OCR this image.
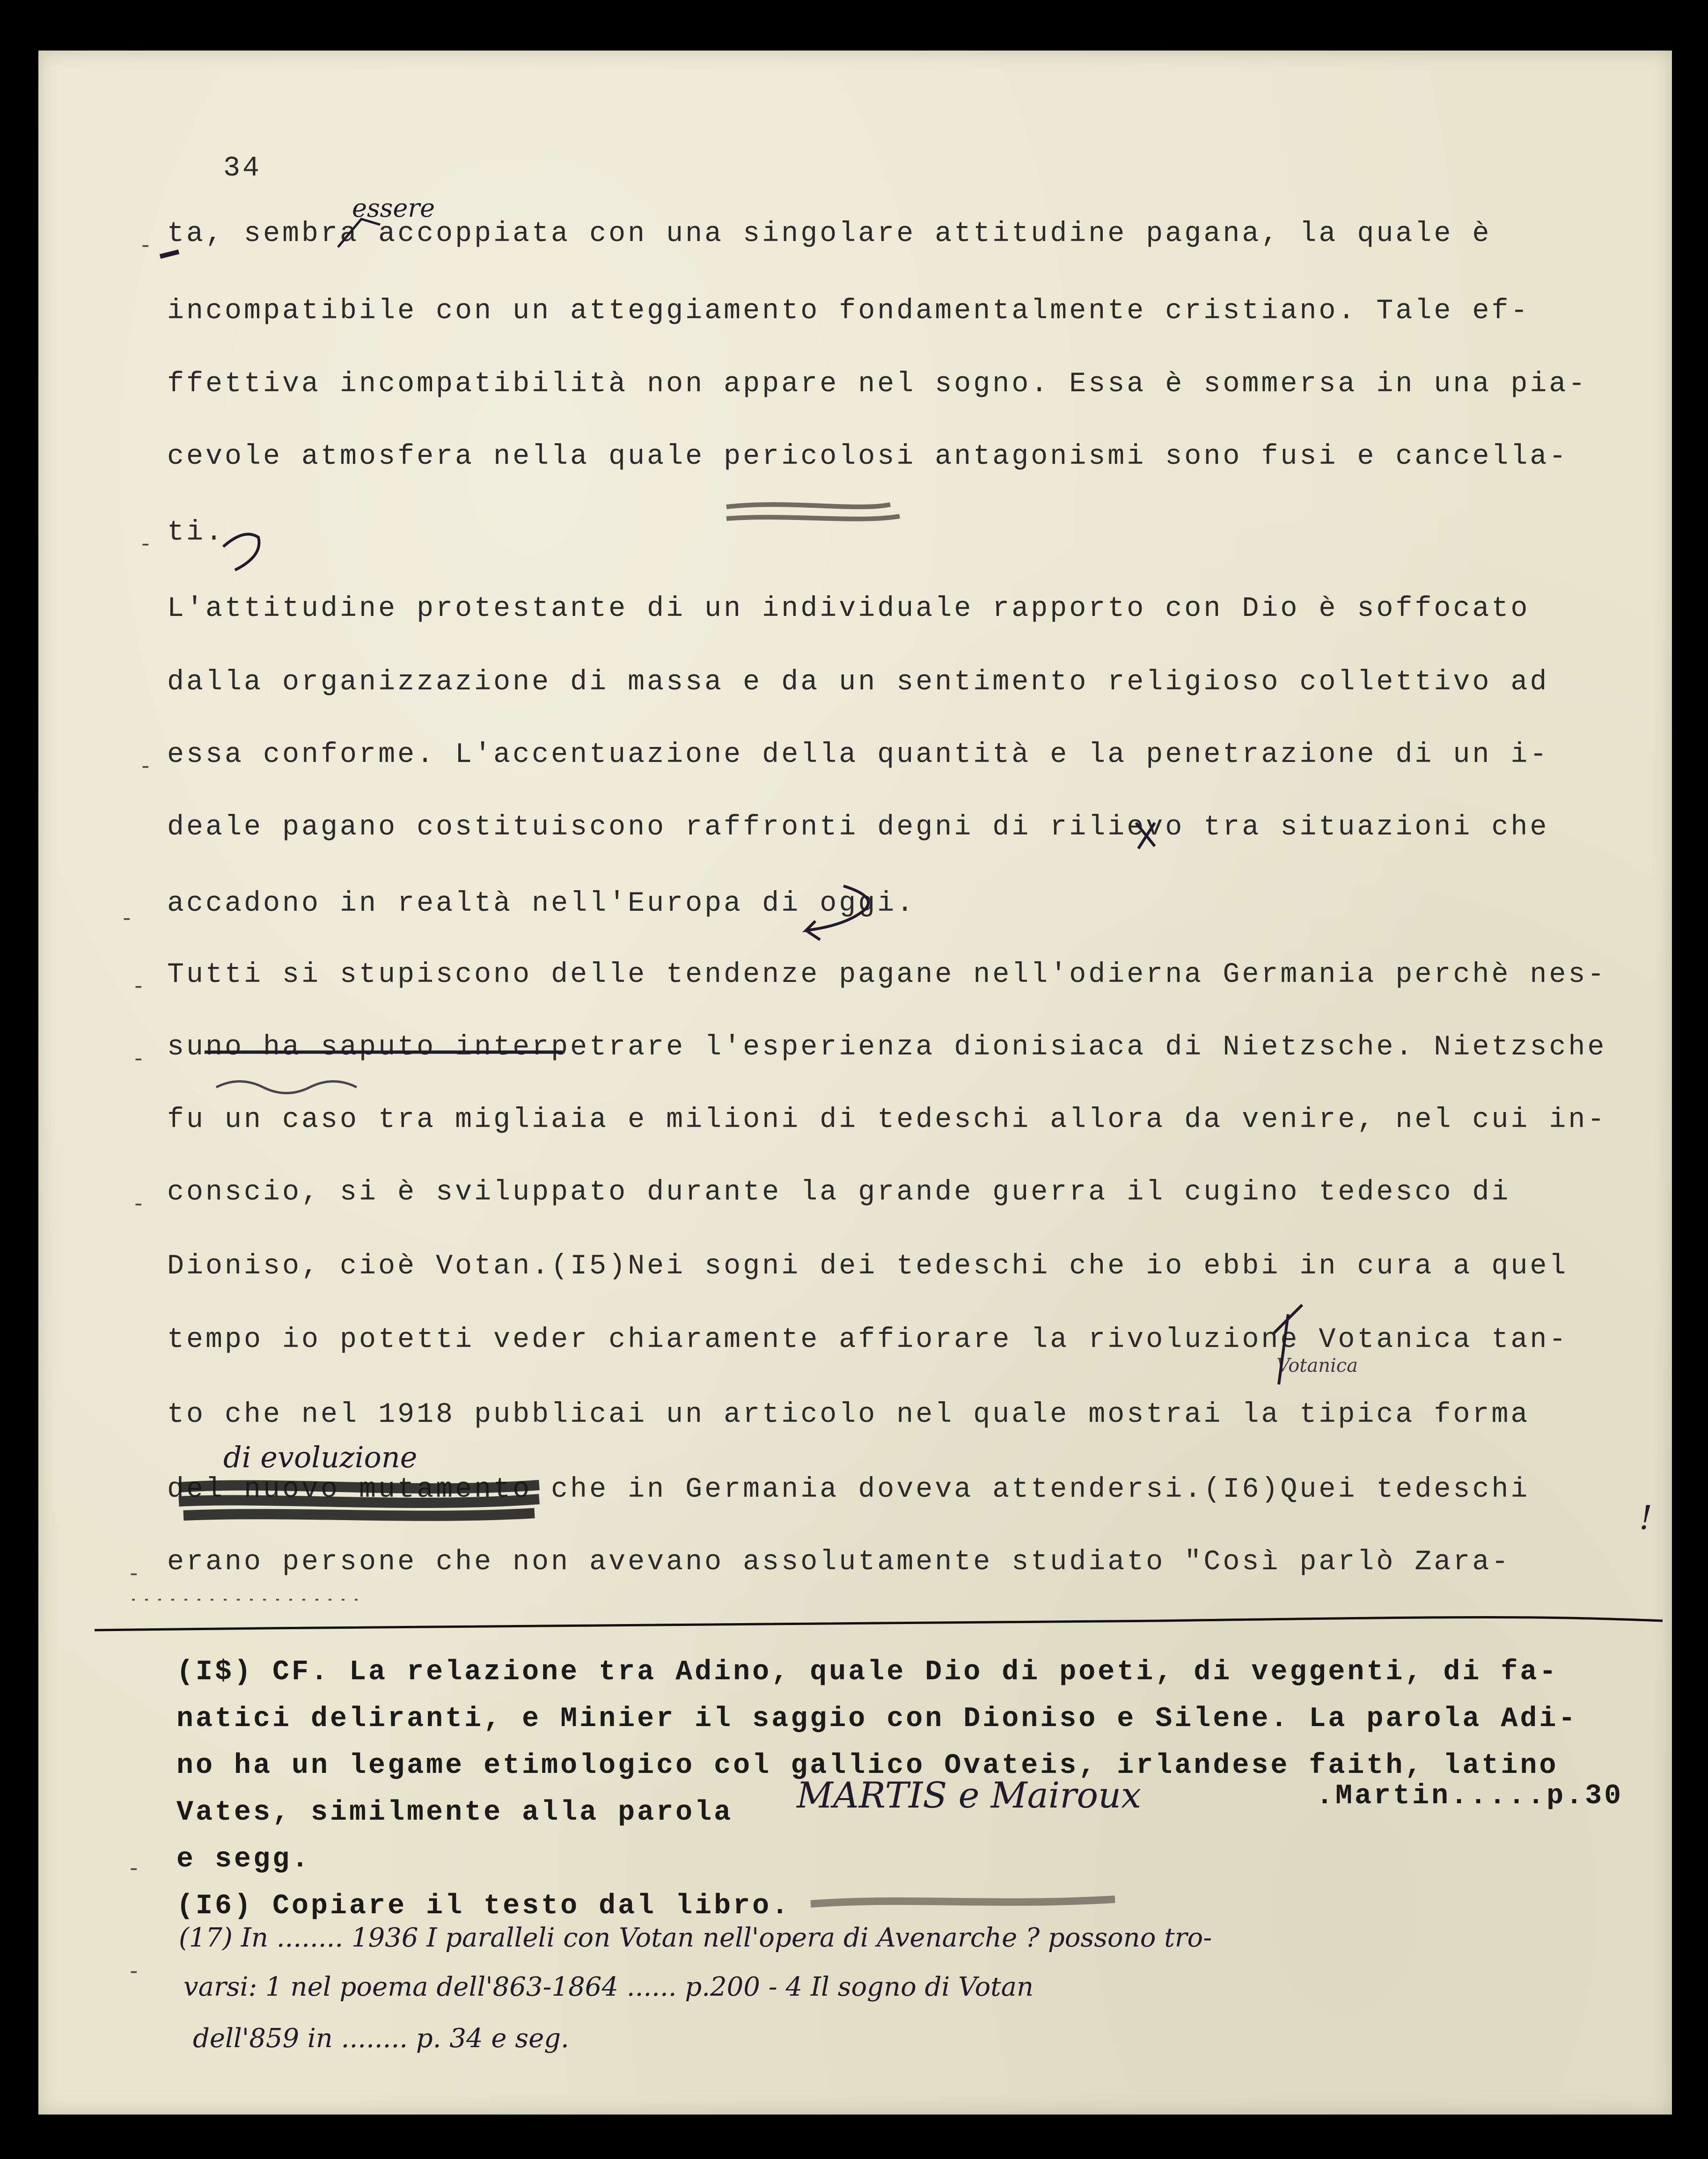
34
-
-
-
-
-
-
-
-
-
-
ta, sembra accoppiata con una singolare attitudine pagana, la quale è
incompatibile con un atteggiamento fondamentalmente cristiano. Tale ef-
ffettiva incompatibilità non appare nel sogno. Essa è sommersa in una pia-
cevole atmosfera nella quale pericolosi antagonismi sono fusi e cancella-
ti.
L'attitudine protestante di un individuale rapporto con Dio è soffocato
dalla organizzazione di massa e da un sentimento religioso collettivo ad
essa conforme. L'accentuazione della quantità e la penetrazione di un i-
deale pagano costituiscono raffronti degni di rilievo tra situazioni che
accadono in realtà nell'Europa di oggi.
Tutti si stupiscono delle tendenze pagane nell'odierna Germania perchè nes-
suno ha saputo interpetrare l'esperienza dionisiaca di Nietzsche. Nietzsche
fu un caso tra migliaia e milioni di tedeschi allora da venire, nel cui in-
conscio, si è sviluppato durante la grande guerra il cugino tedesco di
Dioniso, cioè Votan.(I5)Nei sogni dei tedeschi che io ebbi in cura a quel
tempo io potetti veder chiaramente affiorare la rivoluzione Votanica tan-
to che nel 1918 pubblicai un articolo nel quale mostrai la tipica forma
del nuovo mutamento che in Germania doveva attendersi.(I6)Quei tedeschi
erano persone che non avevano assolutamente studiato "Così parlò Zara-
(I$) CF. La relazione tra Adino, quale Dio di poeti, di veggenti, di fa-
natici deliranti, e Minier il saggio con Dioniso e Silene. La parola Adi-
no ha un legame etimologico col gallico Ovateis, irlandese faith, latino
Vates, similmente alla parola
.Martin.....p.30
e segg.
(I6) Copiare il testo dal libro.
essere
Votanica
di evoluzione
MARTIS e Mairoux
!
(17) In ........ 1936 I paralleli con Votan nell'opera di Avenarche ? possono tro-
varsi: 1 nel poema dell'863-1864 ...... p.200 - 4 Il sogno di Votan
dell'859 in ........ p. 34 e seg.
